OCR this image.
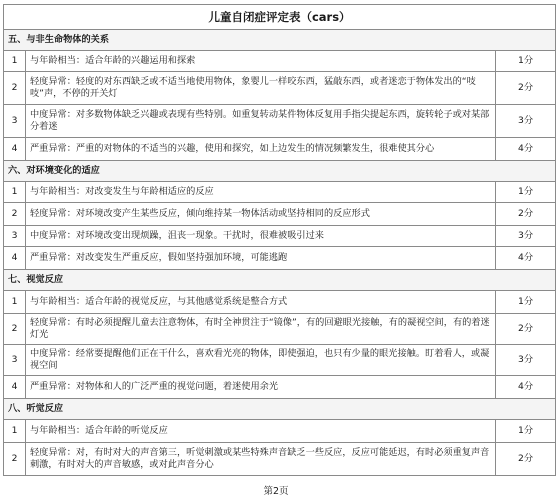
儿童自闭症评定表（cars）		
五、与非生命物体的关系		
1	与年龄相当：适合年龄的兴趣运用和探索	1分
2	轻度异常：轻度的对东西缺乏或不适当地使用物体，象婴儿一样咬东西，猛敲东西，或者迷恋于物体发出的“吱吱”声，不停的开关灯	2分
3	中度异常：对多数物体缺乏兴趣或表现有些特别。如重复转动某件物体反复用手指尖提起东西，旋转轮子或对某部分着迷	3分
4	严重异常：严重的对物体的不适当的兴趣，使用和探究，如上边发生的情况频繁发生，很难使其分心	4分
六、对环境变化的适应		
1	与年龄相当：对改变发生与年龄相适应的反应	1分
2	轻度异常：对环境改变产生某些反应，倾向维持某一物体活动或坚持相同的反应形式	2分
3	中度异常：对环境改变出现烦躁，沮丧一现象。干扰时，很难被吸引过来	3分
4	严重异常：对改变发生严重反应，假如坚持强加环境，可能逃跑	4分
七、视觉反应		
1	与年龄相当：适合年龄的视觉反应，与其他感觉系统是整合方式	1分
2	轻度异常：有时必须提醒儿童去注意物体，有时全神贯注于“镜像”，有的回避眼光接触，有的凝视空间，有的着迷灯光	2分
3	中度异常：经常要提醒他们正在干什么，喜欢看光亮的物体，即使强迫，也只有少量的眼光接触。盯着看人，或凝视空间	3分
4	严重异常：对物体和人的广泛严重的视觉问题，着迷使用余光	4分
八、听觉反应		
1	与年龄相当：适合年龄的听觉反应	1分
2	轻度异常：对，有时对大的声音第三，听觉刺激或某些特殊声音缺乏一些反应，反应可能延迟，有时必须重复声音刺激，有时对大的声音敏感，或对此声音分心	2分
第2页
